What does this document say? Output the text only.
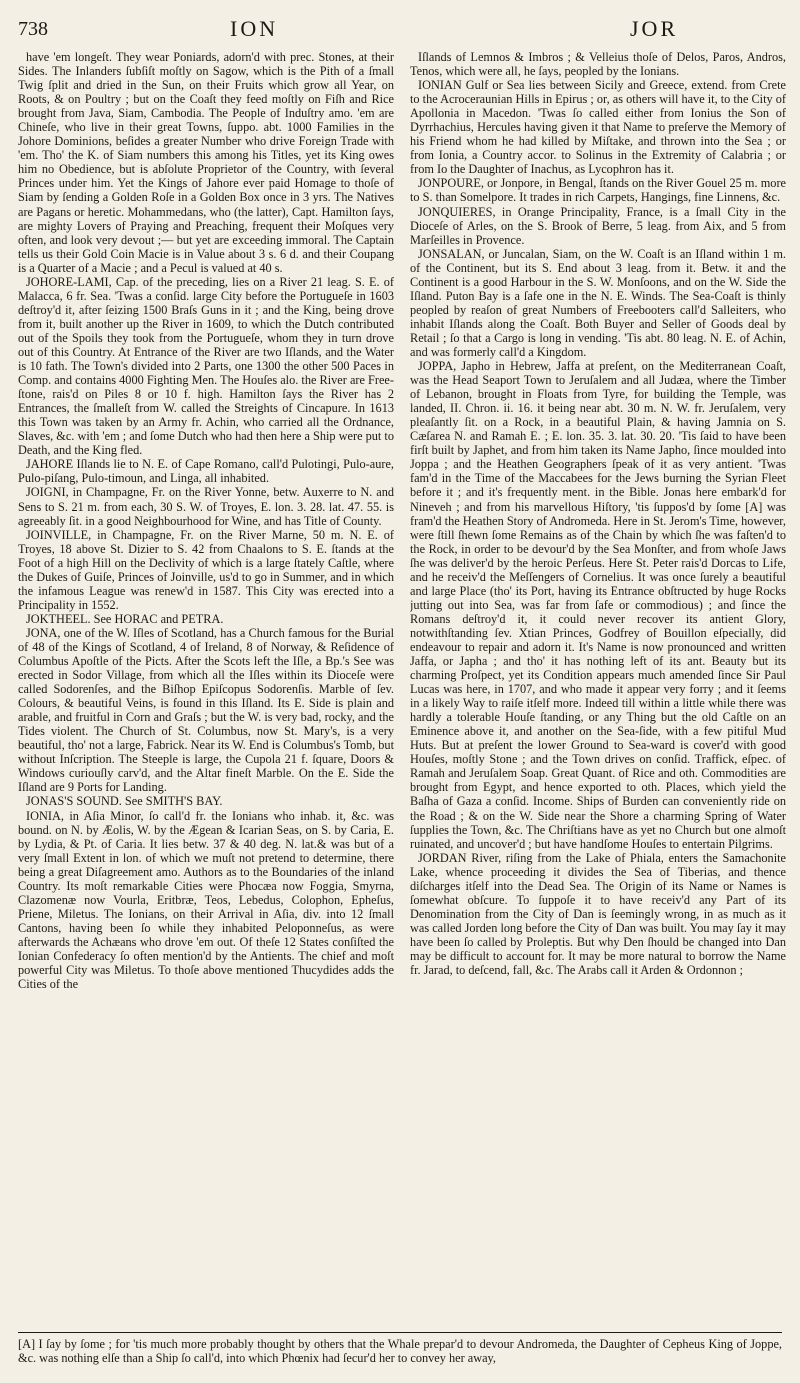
738	ION	JOR

have 'em longeſt. They wear Poniards, adorn'd with prec. Stones, at their Sides. The Inlanders ſubſiſt moſtly on Sagow, which is the Pith of a ſmall Twig ſplit and dried in the Sun, on their Fruits which grow all Year, on Roots, & on Poultry ; but on the Coaſt they feed moſtly on Fiſh and Rice brought from Java, Siam, Cambodia. The People of Induſtry amo. 'em are Chineſe, who live in their great Towns, ſuppo. abt. 1000 Families in the Johore Dominions, beſides a greater Number who drive Foreign Trade with 'em. Tho' the K. of Siam numbers this among his Titles, yet its King owes him no Obedience, but is abſolute Proprietor of the Country, with ſeveral Princes under him. Yet the Kings of Jahore ever paid Homage to thoſe of Siam by ſending a Golden Roſe in a Golden Box once in 3 yrs. The Natives are Pagans or heretic. Mohammedans, who (the latter), Capt. Hamilton ſays, are mighty Lovers of Praying and Preaching, frequent their Moſques very often, and look very devout ;— but yet are exceeding immoral. The Captain tells us their Gold Coin Macie is in Value about 3 s. 6 d. and their Coupang is a Quarter of a Macie ; and a Pecul is valued at 40 s.

JOHORE-LAMI, Cap. of the preceding, lies on a River 21 leag. S. E. of Malacca, 6 fr. Sea. 'Twas a conſid. large City before the Portugueſe in 1603 deſtroy'd it, after ſeizing 1500 Braſs Guns in it ; and the King, being drove from it, built another up the River in 1609, to which the Dutch contributed out of the Spoils they took from the Portugueſe, whom they in turn drove out of this Country. At Entrance of the River are two Iſlands, and the Water is 10 fath. The Town's divided into 2 Parts, one 1300 the other 500 Paces in Comp. and contains 4000 Fighting Men. The Houſes alo. the River are Free-ſtone, rais'd on Piles 8 or 10 f. high. Hamilton ſays the River has 2 Entrances, the ſmalleſt from W. called the Streights of Cincapure. In 1613 this Town was taken by an Army fr. Achin, who carried all the Ordnance, Slaves, &c. with 'em ; and ſome Dutch who had then here a Ship were put to Death, and the King fled.

JAHORE Iſlands lie to N. E. of Cape Romano, call'd Pulotingi, Pulo-aure, Pulo-piſang, Pulo-timoun, and Linga, all inhabited.

JOIGNI, in Champagne, Fr. on the River Yonne, betw. Auxerre to N. and Sens to S. 21 m. from each, 30 S. W. of Troyes, E. lon. 3. 28. lat. 47. 55. is agreeably ſit. in a good Neighbourhood for Wine, and has Title of County.

JOINVILLE, in Champagne, Fr. on the River Marne, 50 m. N. E. of Troyes, 18 above St. Dizier to S. 42 from Chaalons to S. E. ſtands at the Foot of a high Hill on the Declivity of which is a large ſtately Caſtle, where the Dukes of Guiſe, Princes of Joinville, us'd to go in Summer, and in which the infamous League was renew'd in 1587. This City was erected into a Principality in 1552.

JOKTHEEL. See HORAC and PETRA.

JONA, one of the W. Iſles of Scotland, has a Church famous for the Burial of 48 of the Kings of Scotland, 4 of Ireland, 8 of Norway, & Reſidence of Columbus Apoſtle of the Picts. After the Scots left the Iſle, a Bp.'s See was erected in Sodor Village, from which all the Iſles within its Dioceſe were called Sodorenſes, and the Biſhop Epiſcopus Sodorenſis. Marble of ſev. Colours, & beautiful Veins, is found in this Iſland. Its E. Side is plain and arable, and fruitful in Corn and Graſs ; but the W. is very bad, rocky, and the Tides violent. The Church of St. Columbus, now St. Mary's, is a very beautiful, tho' not a large, Fabrick. Near its W. End is Columbus's Tomb, but without Inſcription. The Steeple is large, the Cupola 21 f. ſquare, Doors & Windows curiouſly carv'd, and the Altar fineſt Marble. On the E. Side the Iſland are 9 Ports for Landing.

JONAS'S SOUND. See SMITH'S BAY.

IONIA, in Aſia Minor, ſo call'd fr. the Ionians who inhab. it, &c. was bound. on N. by Æolis, W. by the Ægean & Icarian Seas, on S. by Caria, E. by Lydia, & Pt. of Caria. It lies betw. 37 & 40 deg. N. lat.& was but of a very ſmall Extent in lon. of which we muſt not pretend to determine, there being a great Diſagreement amo. Authors as to the Boundaries of the inland Country. Its moſt remarkable Cities were Phocæa now Foggia, Smyrna, Clazomenæ now Vourla, Eritbræ, Teos, Lebedus, Colophon, Epheſus, Priene, Miletus. The Ionians, on their Arrival in Aſia, div. into 12 ſmall Cantons, having been ſo while they inhabited Peloponneſus, as were afterwards the Achæans who drove 'em out. Of theſe 12 States conſiſted the Ionian Confederacy ſo often mention'd by the Antients. The chief and moſt powerful City was Miletus. To thoſe above mentioned Thucydides adds the Cities of the

Iſlands of Lemnos & Imbros ; & Velleius thoſe of Delos, Paros, Andros, Tenos, which were all, he ſays, peopled by the Ionians.

IONIAN Gulf or Sea lies between Sicily and Greece, extend. from Crete to the Acroceraunian Hills in Epirus ; or, as others will have it, to the City of Apollonia in Macedon. 'Twas ſo called either from Ionius the Son of Dyrrhachius, Hercules having given it that Name to preſerve the Memory of his Friend whom he had killed by Miſtake, and thrown into the Sea ; or from Ionia, a Country accor. to Solinus in the Extremity of Calabria ; or from Io the Daughter of Inachus, as Lycophron has it.

JONPOURE, or Jonpore, in Bengal, ſtands on the River Gouel 25 m. more to S. than Somelpore. It trades in rich Carpets, Hangings, fine Linnens, &c.

JONQUIERES, in Orange Principality, France, is a ſmall City in the Dioceſe of Arles, on the S. Brook of Berre, 5 leag. from Aix, and 5 from Marſeilles in Provence.

JONSALAN, or Juncalan, Siam, on the W. Coaſt is an Iſland within 1 m. of the Continent, but its S. End about 3 leag. from it. Betw. it and the Continent is a good Harbour in the S. W. Monſoons, and on the W. Side the Iſland. Puton Bay is a ſafe one in the N. E. Winds. The Sea-Coaſt is thinly peopled by reaſon of great Numbers of Freebooters call'd Salleiters, who inhabit Iſlands along the Coaſt. Both Buyer and Seller of Goods deal by Retail ; ſo that a Cargo is long in vending. 'Tis abt. 80 leag. N. E. of Achin, and was formerly call'd a Kingdom.

JOPPA, Japho in Hebrew, Jaffa at preſent, on the Mediterranean Coaſt, was the Head Seaport Town to Jeruſalem and all Judæa, where the Timber of Lebanon, brought in Floats from Tyre, for building the Temple, was landed, II. Chron. ii. 16. it being near abt. 30 m. N. W. fr. Jeruſalem, very pleaſantly ſit. on a Rock, in a beautiful Plain, & having Jamnia on S. Cæſarea N. and Ramah E. ; E. lon. 35. 3. lat. 30. 20. 'Tis ſaid to have been firſt built by Japhet, and from him taken its Name Japho, ſince moulded into Joppa ; and the Heathen Geographers ſpeak of it as very antient. 'Twas fam'd in the Time of the Maccabees for the Jews burning the Syrian Fleet before it ; and it's frequently ment. in the Bible. Jonas here embark'd for Nineveh ; and from his marvellous Hiſtory, 'tis ſuppos'd by ſome [A] was fram'd the Heathen Story of Andromeda. Here in St. Jerom's Time, however, were ſtill ſhewn ſome Remains as of the Chain by which ſhe was faſten'd to the Rock, in order to be devour'd by the Sea Monſter, and from whoſe Jaws ſhe was deliver'd by the heroic Perſeus. Here St. Peter rais'd Dorcas to Life, and he receiv'd the Meſſengers of Cornelius. It was once ſurely a beautiful and large Place (tho' its Port, having its Entrance obſtructed by huge Rocks jutting out into Sea, was far from ſafe or commodious) ; and ſince the Romans deſtroy'd it, it could never recover its antient Glory, notwithſtanding ſev. Xtian Princes, Godfrey of Bouillon eſpecially, did endeavour to repair and adorn it. It's Name is now pronounced and written Jaffa, or Japha ; and tho' it has nothing left of its ant. Beauty but its charming Proſpect, yet its Condition appears much amended ſince Sir Paul Lucas was here, in 1707, and who made it appear very forry ; and it ſeems in a likely Way to raiſe itſelf more. Indeed till within a little while there was hardly a tolerable Houſe ſtanding, or any Thing but the old Caſtle on an Eminence above it, and another on the Sea-ſide, with a few pitiful Mud Huts. But at preſent the lower Ground to Sea-ward is cover'd with good Houſes, moſtly Stone ; and the Town drives on conſid. Traffick, eſpec. of Ramah and Jeruſalem Soap. Great Quant. of Rice and oth. Commodities are brought from Egypt, and hence exported to oth. Places, which yield the Baſha of Gaza a conſid. Income. Ships of Burden can conveniently ride on the Road ; & on the W. Side near the Shore a charming Spring of Water ſupplies the Town, &c. The Chriſtians have as yet no Church but one almoſt ruinated, and uncover'd ; but have handſome Houſes to entertain Pilgrims.

JORDAN River, riſing from the Lake of Phiala, enters the Samachonite Lake, whence proceeding it divides the Sea of Tiberias, and thence diſcharges itſelf into the Dead Sea. The Origin of its Name or Names is ſomewhat obſcure. To ſuppoſe it to have receiv'd any Part of its Denomination from the City of Dan is ſeemingly wrong, in as much as it was called Jorden long before the City of Dan was built. You may ſay it may have been ſo called by Proleptis. But why Den ſhould be changed into Dan may be difficult to account for. It may be more natural to borrow the Name fr. Jarad, to deſcend, fall, &c. The Arabs call it Arden & Ordonnon ;

[A] I ſay by ſome ; for 'tis much more probably thought by others that the Whale prepar'd to devour Andromeda, the Daughter of Cepheus King of Joppe, &c. was nothing elſe than a Ship ſo call'd, into which Phœnix had ſecur'd her to convey her away,
